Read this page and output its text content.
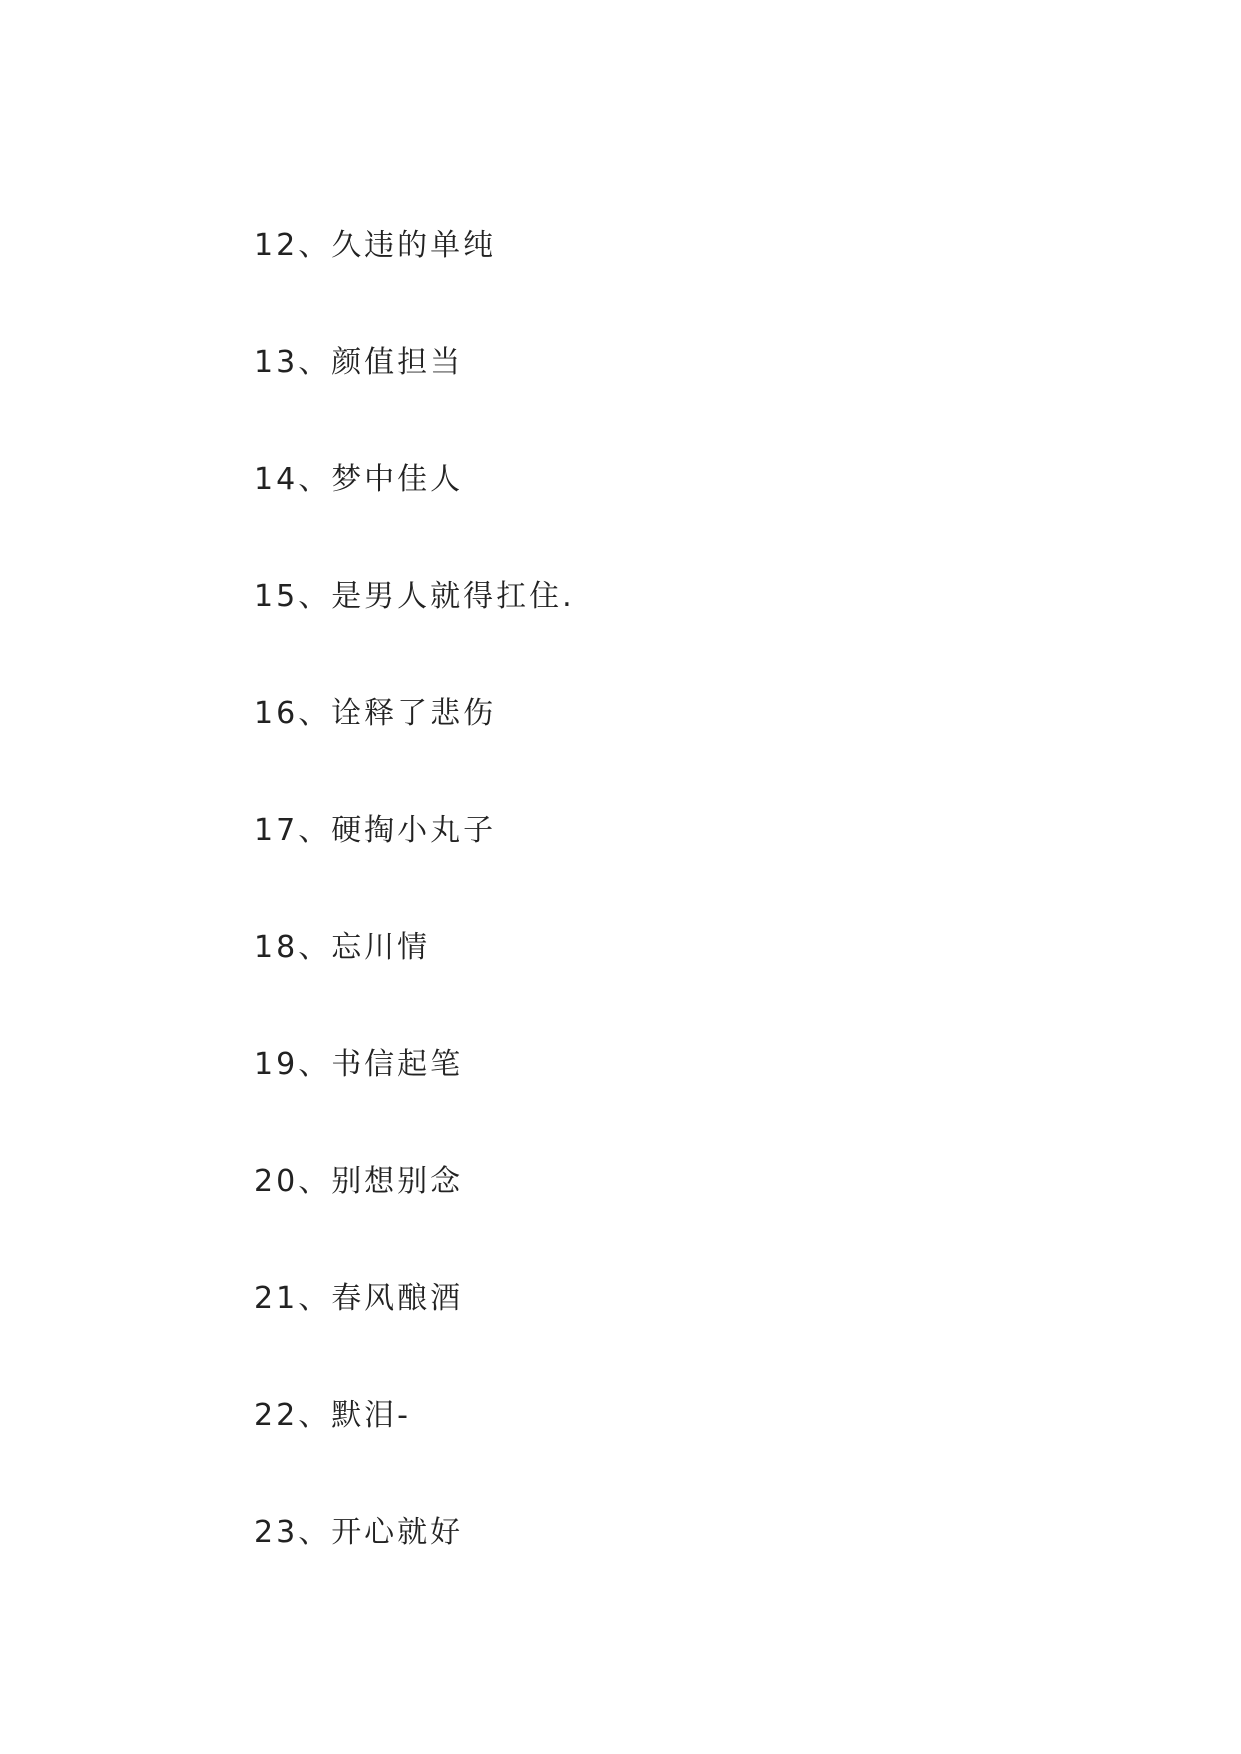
12 、 久违的单纯
13 、 颜值担当
14 、 梦中佳人
15 、 是男人就得扛住.
16 、 诠释了悲伤
17 、 硬掏小丸子
18 、 忘川情
19 、 书信起笔
20 、 别想别念
21 、 春风酿酒
22 、 默泪-
23 、 开心就好
